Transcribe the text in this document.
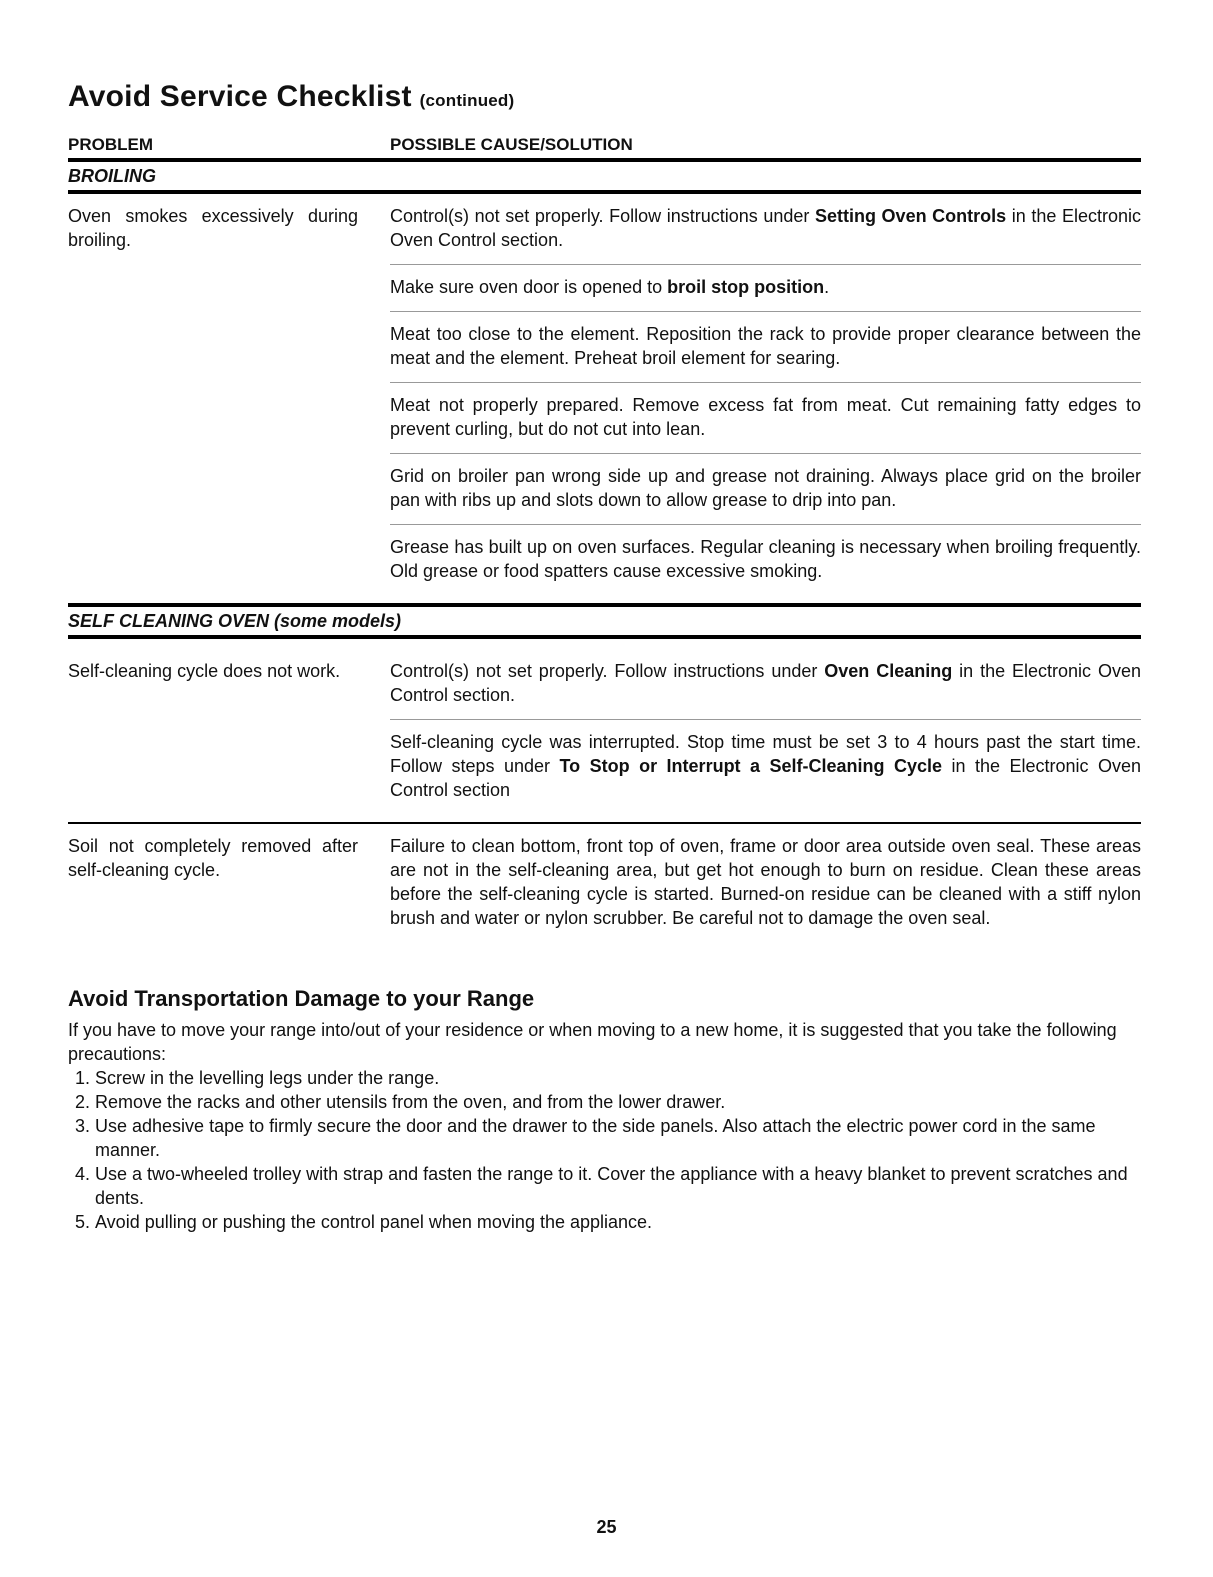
Avoid Service Checklist (continued)
PROBLEM	POSSIBLE CAUSE/SOLUTION
BROILING
Oven smokes excessively during broiling.
Control(s) not set properly. Follow instructions under Setting Oven Controls in the Electronic Oven Control section.
Make sure oven door is opened to broil stop position.
Meat too close to the element. Reposition the rack to provide proper clearance between the meat and the element. Preheat broil element for searing.
Meat not properly prepared. Remove excess fat from meat. Cut remaining fatty edges to prevent curling, but do not cut into lean.
Grid on broiler pan wrong side up and grease not draining. Always place grid on the broiler pan with ribs up and slots down to allow grease to drip into pan.
Grease has built up on oven surfaces. Regular cleaning is necessary when broiling frequently. Old grease or food spatters cause excessive smoking.
SELF CLEANING OVEN (some models)
Self-cleaning cycle does not work.	Control(s) not set properly. Follow instructions under Oven Cleaning in the Electronic Oven Control section.
Self-cleaning cycle was interrupted. Stop time must be set 3 to 4 hours past the start time. Follow steps under To Stop or Interrupt a Self-Cleaning Cycle in the Electronic Oven Control section
Soil not completely removed after self-cleaning cycle.
Failure to clean bottom, front top of oven, frame or door area outside oven seal. These areas are not in the self-cleaning area, but get hot enough to burn on residue. Clean these areas before the self-cleaning cycle is started. Burned-on residue can be cleaned with a stiff nylon brush and water or nylon scrubber. Be careful not to damage the oven seal.
Avoid Transportation Damage to your Range

If you have to move your range into/out of your residence or when moving to a new home, it is suggested that you take the following precautions:

1. Screw in the levelling legs under the range.
2. Remove the racks and other utensils from the oven, and from the lower drawer.
3. Use adhesive tape to firmly secure the door and the drawer to the side panels. Also attach the electric power cord in the same manner.
4. Use a two-wheeled trolley with strap and fasten the range to it. Cover the appliance with a heavy blanket to prevent scratches and dents.
5. Avoid pulling or pushing the control panel when moving the appliance.
25
